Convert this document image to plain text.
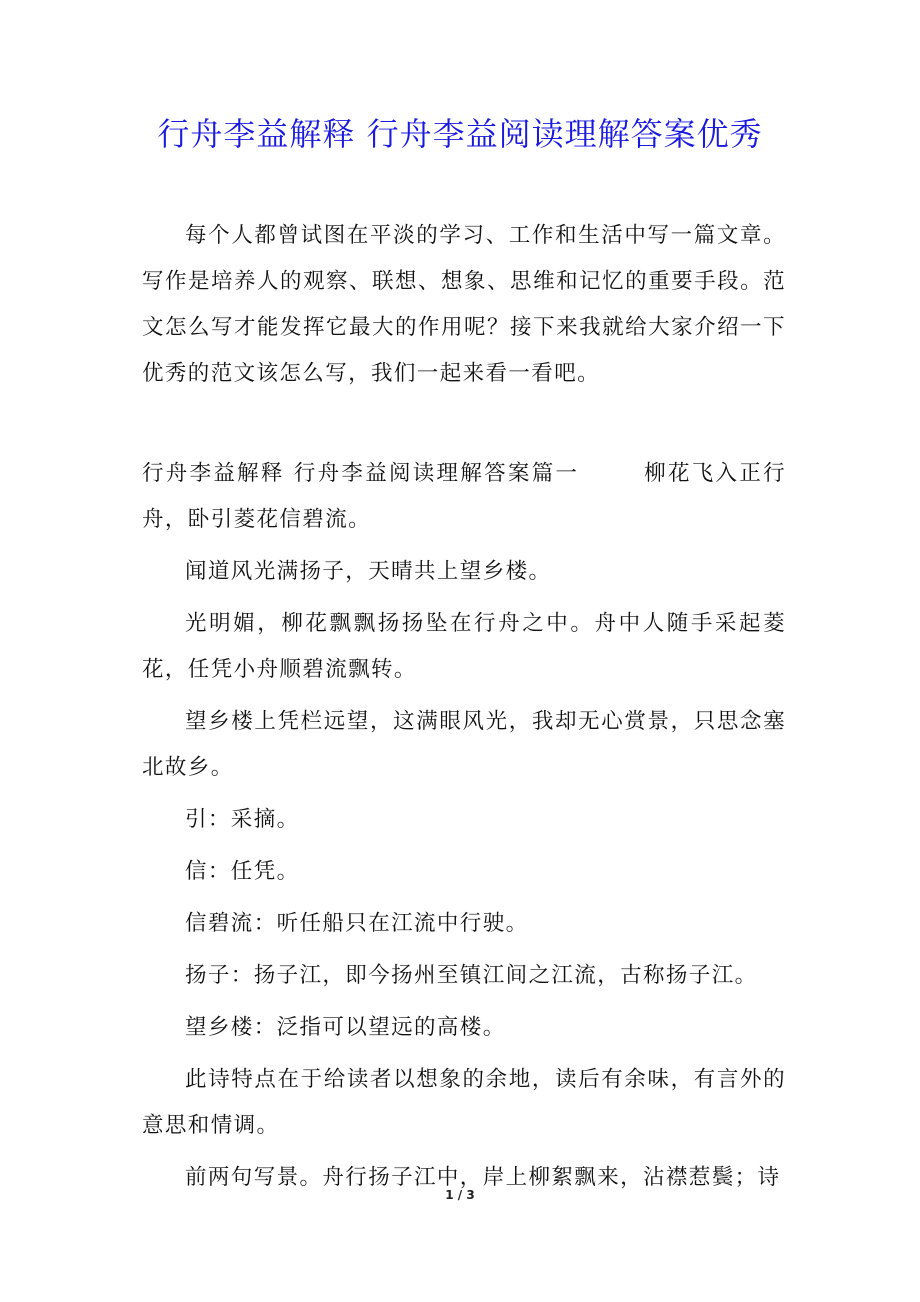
行舟李益解释 行舟李益阅读理解答案优秀

每个人都曾试图在平淡的学习、工作和生活中写一篇文章。写作是培养人的观察、联想、想象、思维和记忆的重要手段。范文怎么写才能发挥它最大的作用呢？接下来我就给大家介绍一下优秀的范文该怎么写，我们一起来看一看吧。

行舟李益解释 行舟李益阅读理解答案篇一	柳花飞入正行舟，卧引菱花信碧流。

闻道风光满扬子，天晴共上望乡楼。

光明媚，柳花飘飘扬扬坠在行舟之中。舟中人随手采起菱花，任凭小舟顺碧流飘转。

望乡楼上凭栏远望，这满眼风光，我却无心赏景，只思念塞北故乡。

引：采摘。

信：任凭。

信碧流：听任船只在江流中行驶。

扬子：扬子江，即今扬州至镇江间之江流，古称扬子江。

望乡楼：泛指可以望远的高楼。

此诗特点在于给读者以想象的余地，读后有余味，有言外的意思和情调。

前两句写景。舟行扬子江中，岸上柳絮飘来，沾襟惹鬓；诗

1 / 3
